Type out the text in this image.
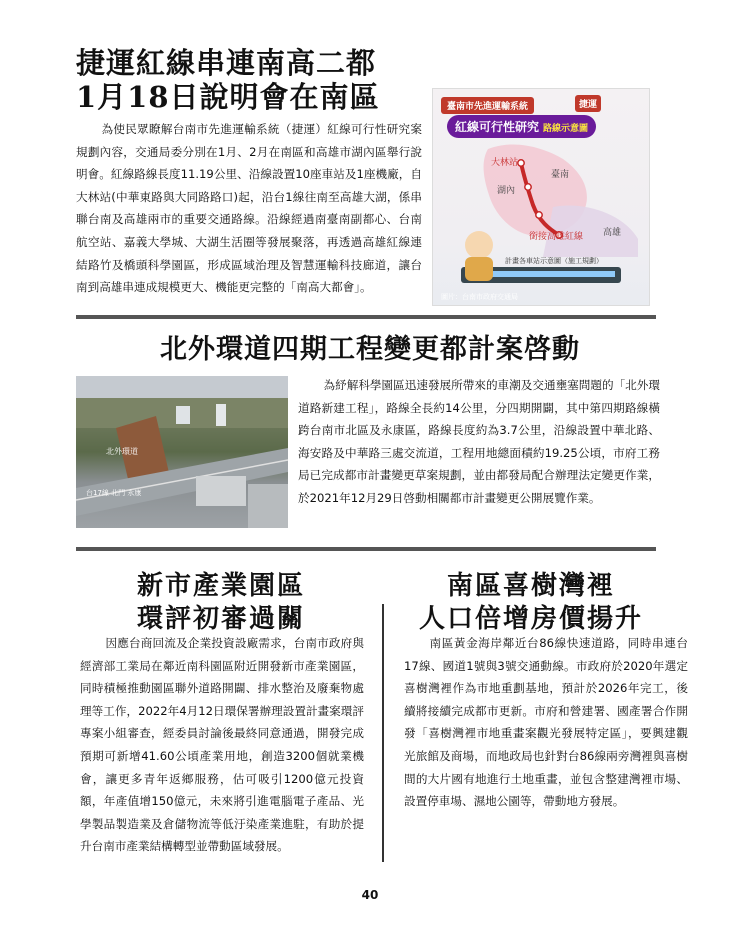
捷運紅線串連南高二都
1月18日說明會在南區

為使民眾瞭解台南市先進運輸系統（捷運）紅線可行性研究案規劃內容，交通局委分別在1月、2月在南區和高雄市湖內區舉行說明會。紅線路線長度11.19公里、沿線設置10座車站及1座機廠，自大林站(中華東路與大同路路口)起，沿台1線往南至高雄大湖，係串聯台南及高雄兩市的重要交通路線。沿線經過南臺南副都心、台南航空站、嘉義大學城、大湖生活圈等發展聚落，再透過高雄紅線連結路竹及橋頭科學園區，形成區域治理及智慧運輸科技廊道，讓台南到高雄串連成規模更大、機能更完整的「南高大都會」。

臺南市先進運輸系統	捷運
紅線可行性研究 路線示意圖
臺南
高雄
大林站
湖內
銜接高雄紅線
計畫各車站示意圖（施工規劃）
圖片：台南市政府交通局
北外環道四期工程變更都計案啓動
北外環道
台17線 北門 永康

為紓解科學園區迅速發展所帶來的車潮及交通壅塞問題的「北外環道路新建工程」，路線全長約14公里，分四期開闢，其中第四期路線橫跨台南市北區及永康區，路線長度約為3.7公里，沿線設置中華北路、海安路及中華路三處交流道，工程用地總面積約19.25公頃，市府工務局已完成都市計畫變更草案規劃，並由都發局配合辦理法定變更作業，於2021年12月29日啓動相關都市計畫變更公開展覽作業。

新市產業園區
環評初審過關

因應台商回流及企業投資設廠需求，台南市政府與經濟部工業局在鄰近南科園區附近開發新市產業園區，同時積極推動園區聯外道路開闢、排水整治及廢棄物處理等工作，2022年4月12日環保署辦理設置計畫案環評專案小組審查，經委員討論後最終同意通過，開發完成預期可新增41.60公頃產業用地，創造3200個就業機會，讓更多青年返鄉服務，估可吸引1200億元投資額，年產值增150億元，未來將引進電腦電子產品、光學製品製造業及倉儲物流等低汙染產業進駐，有助於提升台南市產業結構轉型並帶動區域發展。

南區喜樹灣裡
人口倍增房價揚升

南區黃金海岸鄰近台86線快速道路，同時串連台17線、國道1號與3號交通動線。市政府於2020年選定喜樹灣裡作為市地重劃基地，預計於2026年完工，後續將接續完成都市更新。市府和營建署、國產署合作開發「喜樹灣裡市地重畫案觀光發展特定區」，要興建觀光旅館及商場，而地政局也針對台86線兩旁灣裡與喜樹間的大片國有地進行土地重畫，並包含整建灣裡市場、設置停車場、濕地公園等，帶動地方發展。

40
